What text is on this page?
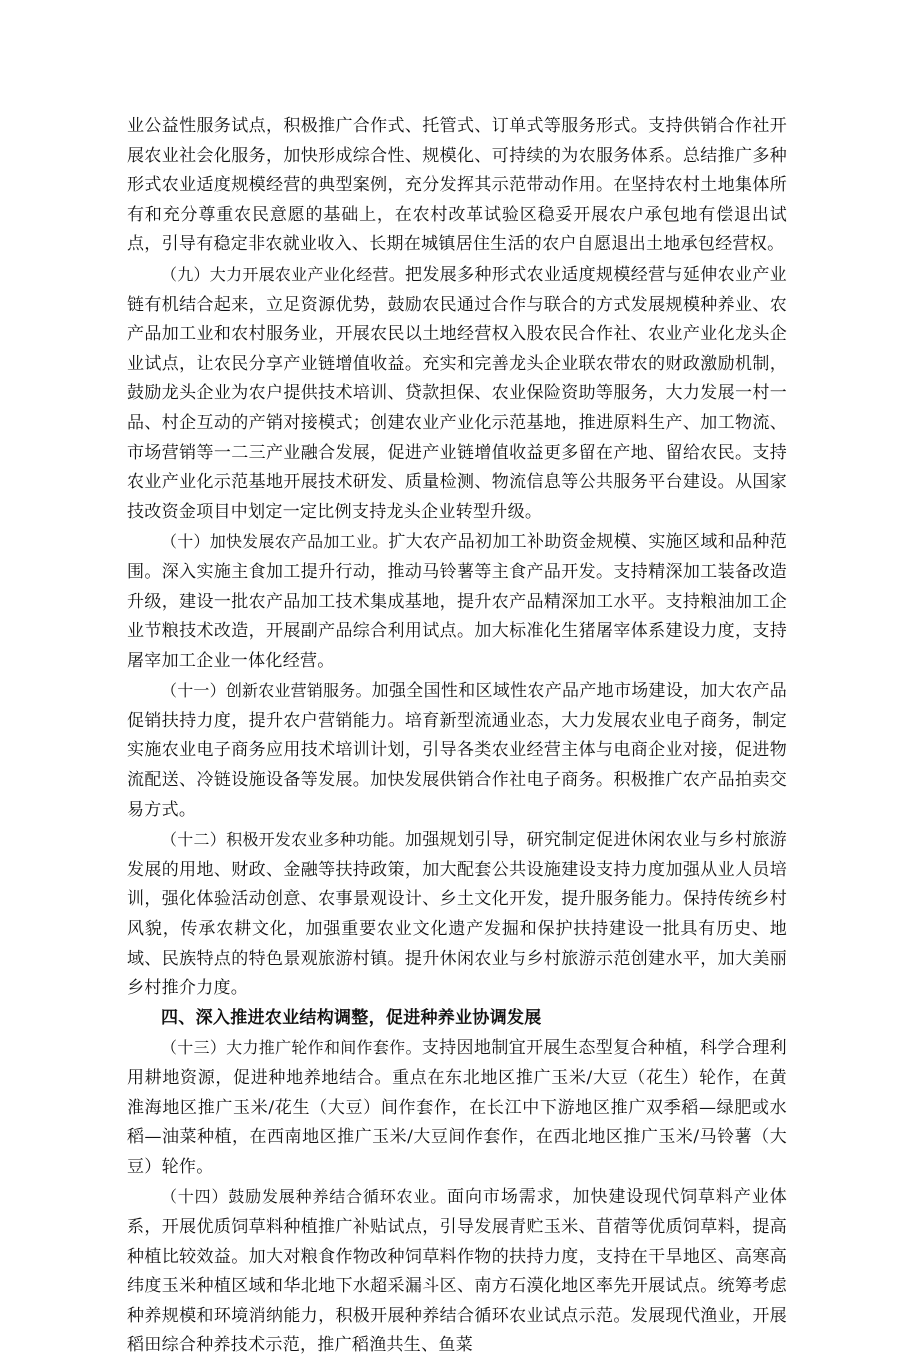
业公益性服务试点，积极推广合作式、托管式、订单式等服务形式。支持供销合作社开展农业社会化服务，加快形成综合性、规模化、可持续的为农服务体系。总结推广多种形式农业适度规模经营的典型案例，充分发挥其示范带动作用。在坚持农村土地集体所有和充分尊重农民意愿的基础上，在农村改革试验区稳妥开展农户承包地有偿退出试点，引导有稳定非农就业收入、长期在城镇居住生活的农户自愿退出土地承包经营权。

（九）大力开展农业产业化经营。把发展多种形式农业适度规模经营与延伸农业产业链有机结合起来，立足资源优势，鼓励农民通过合作与联合的方式发展规模种养业、农产品加工业和农村服务业，开展农民以土地经营权入股农民合作社、农业产业化龙头企业试点，让农民分享产业链增值收益。充实和完善龙头企业联农带农的财政激励机制，鼓励龙头企业为农户提供技术培训、贷款担保、农业保险资助等服务，大力发展一村一品、村企互动的产销对接模式；创建农业产业化示范基地，推进原料生产、加工物流、市场营销等一二三产业融合发展，促进产业链增值收益更多留在产地、留给农民。支持农业产业化示范基地开展技术研发、质量检测、物流信息等公共服务平台建设。从国家技改资金项目中划定一定比例支持龙头企业转型升级。

（十）加快发展农产品加工业。扩大农产品初加工补助资金规模、实施区域和品种范围。深入实施主食加工提升行动，推动马铃薯等主食产品开发。支持精深加工装备改造升级，建设一批农产品加工技术集成基地，提升农产品精深加工水平。支持粮油加工企业节粮技术改造，开展副产品综合利用试点。加大标准化生猪屠宰体系建设力度，支持屠宰加工企业一体化经营。

（十一）创新农业营销服务。加强全国性和区域性农产品产地市场建设，加大农产品促销扶持力度，提升农户营销能力。培育新型流通业态，大力发展农业电子商务，制定实施农业电子商务应用技术培训计划，引导各类农业经营主体与电商企业对接，促进物流配送、冷链设施设备等发展。加快发展供销合作社电子商务。积极推广农产品拍卖交易方式。

（十二）积极开发农业多种功能。加强规划引导，研究制定促进休闲农业与乡村旅游发展的用地、财政、金融等扶持政策，加大配套公共设施建设支持力度加强从业人员培训，强化体验活动创意、农事景观设计、乡土文化开发，提升服务能力。保持传统乡村风貌，传承农耕文化，加强重要农业文化遗产发掘和保护扶持建设一批具有历史、地域、民族特点的特色景观旅游村镇。提升休闲农业与乡村旅游示范创建水平，加大美丽乡村推介力度。

四、深入推进农业结构调整，促进种养业协调发展

（十三）大力推广轮作和间作套作。支持因地制宜开展生态型复合种植，科学合理利用耕地资源，促进种地养地结合。重点在东北地区推广玉米/大豆（花生）轮作，在黄淮海地区推广玉米/花生（大豆）间作套作，在长江中下游地区推广双季稻—绿肥或水稻—油菜种植，在西南地区推广玉米/大豆间作套作，在西北地区推广玉米/马铃薯（大豆）轮作。

（十四）鼓励发展种养结合循环农业。面向市场需求，加快建设现代饲草料产业体系，开展优质饲草料种植推广补贴试点，引导发展青贮玉米、苜蓿等优质饲草料，提高种植比较效益。加大对粮食作物改种饲草料作物的扶持力度，支持在干旱地区、高寒高纬度玉米种植区域和华北地下水超采漏斗区、南方石漠化地区率先开展试点。统筹考虑种养规模和环境消纳能力，积极开展种养结合循环农业试点示范。发展现代渔业，开展稻田综合种养技术示范，推广稻渔共生、鱼菜
